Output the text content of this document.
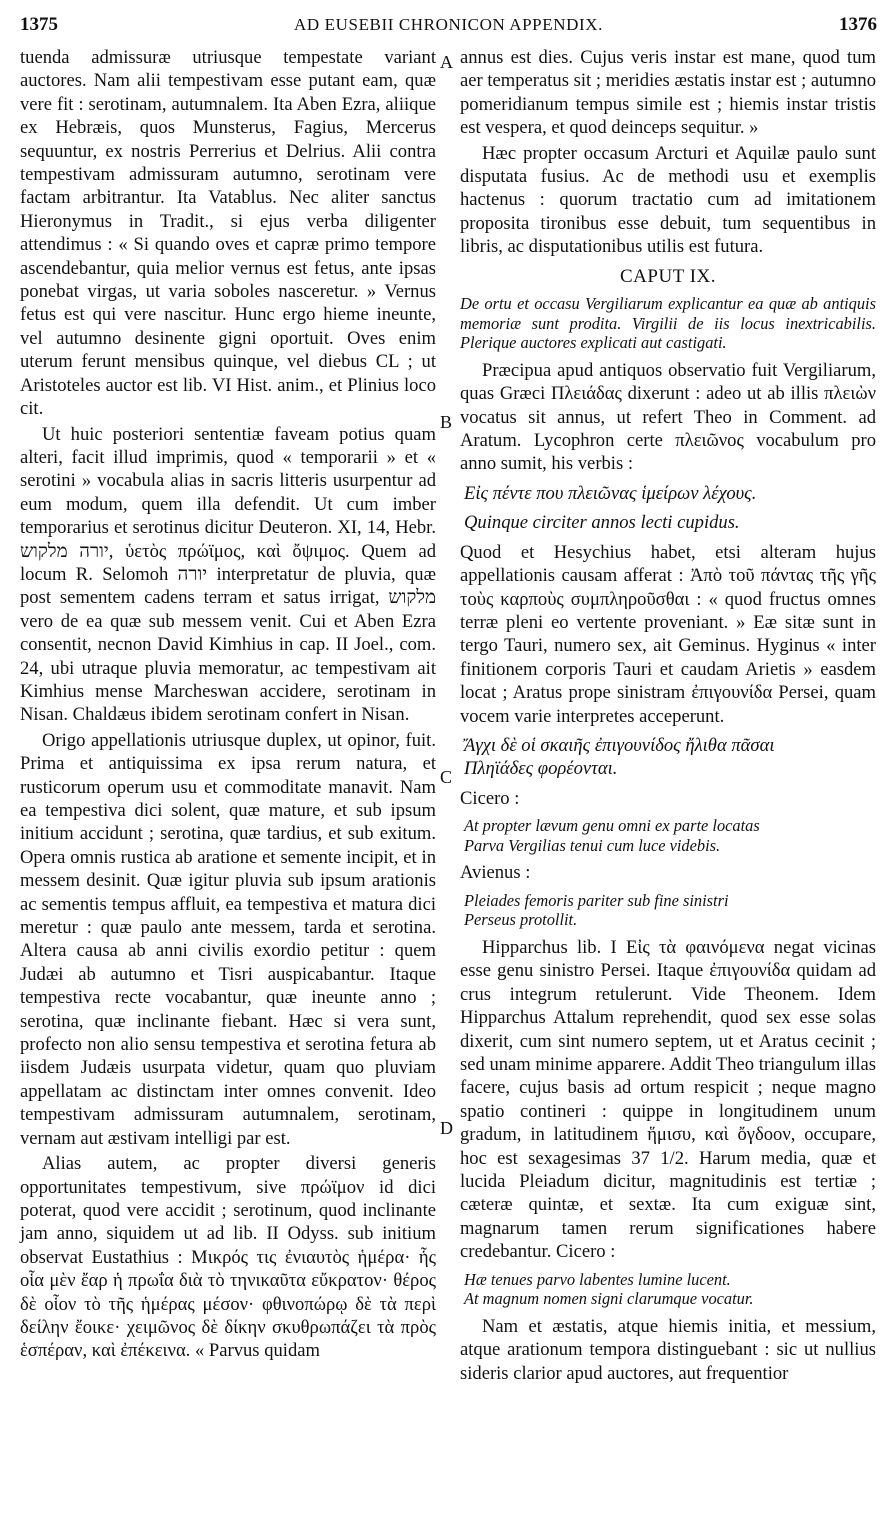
1375	AD EUSEBII CHRONICON APPENDIX.	1376

tuenda admissuræ utriusque tempestate variant auctores. Nam alii tempestivam esse putant eam, quæ vere fit : serotinam, autumnalem. Ita Aben Ezra, aliique ex Hebræis, quos Munsterus, Fagius, Mercerus sequuntur, ex nostris Perrerius et Delrius. Alii contra tempestivam admissuram autumno, serotinam vere factam arbitrantur. Ita Vatablus. Nec aliter sanctus Hieronymus in Tradit., si ejus verba diligenter attendimus : « Si quando oves et capræ primo tempore ascendebantur, quia melior vernus est fetus, ante ipsas ponebat virgas, ut varia soboles nasceretur. » Vernus fetus est qui vere nascitur. Hunc ergo hieme ineunte, vel autumno desinente gigni oportuit. Oves enim uterum ferunt mensibus quinque, vel diebus CL ; ut Aristoteles auctor est lib. VI Hist. anim., et Plinius loco cit.

Ut huic posteriori sententiæ faveam potius quam alteri, facit illud imprimis, quod « temporarii » et « serotini » vocabula alias in sacris litteris usurpentur ad eum modum, quem illa defendit. Ut cum imber temporarius et serotinus dicitur Deuteron. XI, 14, Hebr. יורה מלקוש, ὑετὸς πρώϊμος, καὶ ὄψιμος. Quem ad locum R. Selomoh יורה interpretatur de pluvia, quæ post sementem cadens terram et satus irrigat, מלקוש vero de ea quæ sub messem venit. Cui et Aben Ezra consentit, necnon David Kimhius in cap. II Joel., com. 24, ubi utraque pluvia memoratur, ac tempestivam ait Kimhius mense Marcheswan accidere, serotinam in Nisan. Chaldæus ibidem serotinam confert in Nisan.

Origo appellationis utriusque duplex, ut opinor, fuit. Prima et antiquissima ex ipsa rerum natura, et rusticorum operum usu et commoditate manavit. Nam ea tempestiva dici solent, quæ mature, et sub ipsum initium accidunt ; serotina, quæ tardius, et sub exitum. Opera omnis rustica ab aratione et semente incipit, et in messem desinit. Quæ igitur pluvia sub ipsum arationis ac sementis tempus affluit, ea tempestiva et matura dici meretur : quæ paulo ante messem, tarda et serotina. Altera causa ab anni civilis exordio petitur : quem Judæi ab autumno et Tisri auspicabantur. Itaque tempestiva recte vocabantur, quæ ineunte anno ; serotina, quæ inclinante fiebant. Hæc si vera sunt, profecto non alio sensu tempestiva et serotina fetura ab iisdem Judæis usurpata videtur, quam quo pluviam appellatam ac distinctam inter omnes convenit. Ideo tempestivam admissuram autumnalem, serotinam, vernam aut æstivam intelligi par est.

Alias autem, ac propter diversi generis opportunitates tempestivum, sive πρώϊμον id dici poterat, quod vere accidit ; serotinum, quod inclinante jam anno, siquidem ut ad lib. II Odyss. sub initium observat Eustathius : Μικρός τις ἐνιαυτὸς ἡμέρα· ἧς οἷα μὲν ἔαρ ἡ πρωΐα διὰ τὸ τηνικαῦτα εὔκρατον· θέρος δὲ οἷον τὸ τῆς ἡμέρας μέσον· φθινοπώρῳ δὲ τὰ περὶ δείλην ἔοικε· χειμῶνος δὲ δίκην σκυθρωπάζει τὰ πρὸς ἑσπέραν, καὶ ἐπέκεινα. « Parvus quidam

A
B
C
D

annus est dies. Cujus veris instar est mane, quod tum aer temperatus sit ; meridies æstatis instar est ; autumno pomeridianum tempus simile est ; hiemis instar tristis est vespera, et quod deinceps sequitur. »

Hæc propter occasum Arcturi et Aquilæ paulo sunt disputata fusius. Ac de methodi usu et exemplis hactenus : quorum tractatio cum ad imitationem proposita tironibus esse debuit, tum sequentibus in libris, ac disputationibus utilis est futura.

CAPUT IX.

De ortu et occasu Vergiliarum explicantur ea quæ ab antiquis memoriæ sunt prodita. Virgilii de iis locus inextricabilis. Plerique auctores explicati aut castigati.

Præcipua apud antiquos observatio fuit Vergiliarum, quas Græci Πλειάδας dixerunt : adeo ut ab illis πλειὼν vocatus sit annus, ut refert Theo in Comment. ad Aratum. Lycophron certe πλειῶνος vocabulum pro anno sumit, his verbis :

Εἰς πέντε που πλειῶνας ἱμείρων λέχους.
Quinque circiter annos lecti cupidus.

Quod et Hesychius habet, etsi alteram hujus appellationis causam afferat : Ἀπὸ τοῦ πάντας τῆς γῆς τοὺς καρποὺς συμπληροῦσθαι : « quod fructus omnes terræ pleni eo vertente proveniant. » Eæ sitæ sunt in tergo Tauri, numero sex, ait Geminus. Hyginus « inter finitionem corporis Tauri et caudam Arietis » easdem locat ; Aratus prope sinistram ἐπιγουνίδα Persei, quam vocem varie interpretes acceperunt.

Ἄγχι δὲ οἱ σκαιῆς ἐπιγουνίδος ἤλιθα πᾶσαι
Πληϊάδες φορέονται.
Cicero :
At propter lævum genu omni ex parte locatas
Parva Vergilias tenui cum luce videbis.
Avienus :
Pleiades femoris pariter sub fine sinistri
Perseus protollit.

Hipparchus lib. I Εἰς τὰ φαινόμενα negat vicinas esse genu sinistro Persei. Itaque ἐπιγουνίδα quidam ad crus integrum retulerunt. Vide Theonem. Idem Hipparchus Attalum reprehendit, quod sex esse solas dixerit, cum sint numero septem, ut et Aratus cecinit ; sed unam minime apparere. Addit Theo triangulum illas facere, cujus basis ad ortum respicit ; neque magno spatio contineri : quippe in longitudinem unum gradum, in latitudinem ἥμισυ, καὶ ὄγδοον, occupare, hoc est sexagesimas 37 1/2. Harum media, quæ et lucida Pleiadum dicitur, magnitudinis est tertiæ ; cæteræ quintæ, et sextæ. Ita cum exiguæ sint, magnarum tamen rerum significationes habere credebantur. Cicero :

Hæ tenues parvo labentes lumine lucent.
At magnum nomen signi clarumque vocatur.

Nam et æstatis, atque hiemis initia, et messium, atque arationum tempora distinguebant : sic ut nullius sideris clarior apud auctores, aut frequentior
